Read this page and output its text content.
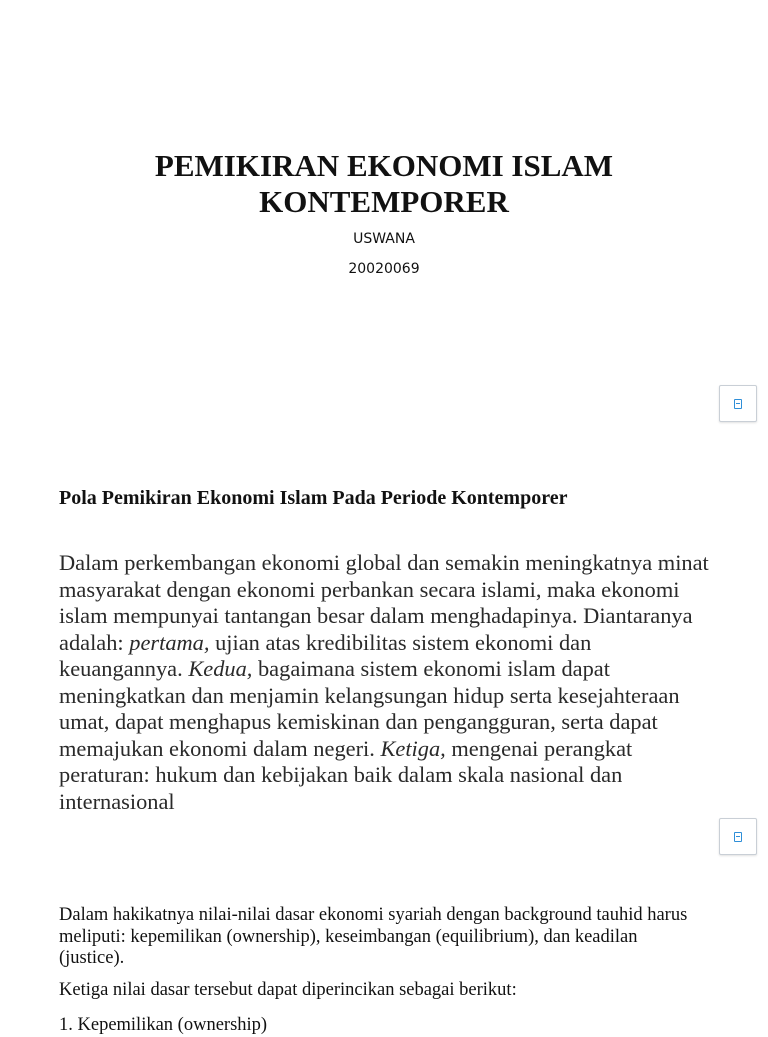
PEMIKIRAN EKONOMI ISLAM
KONTEMPORER
USWANA
20020069
Pola Pemikiran Ekonomi Islam Pada Periode Kontemporer
Dalam perkembangan ekonomi global dan semakin meningkatnya minat masyarakat dengan ekonomi perbankan secara islami, maka ekonomi islam mempunyai tantangan besar dalam menghadapinya. Diantaranya adalah: pertama, ujian atas kredibilitas sistem ekonomi dan keuangannya. Kedua, bagaimana sistem ekonomi islam dapat meningkatkan dan menjamin kelangsungan hidup serta kesejahteraan umat, dapat menghapus kemiskinan dan pengangguran, serta dapat memajukan ekonomi dalam negeri. Ketiga, mengenai perangkat peraturan: hukum dan kebijakan baik dalam skala nasional dan internasional
Dalam hakikatnya nilai-nilai dasar ekonomi syariah dengan background tauhid harus meliputi: kepemilikan (ownership), keseimbangan (equilibrium), dan keadilan (justice).
Ketiga nilai dasar tersebut dapat diperincikan sebagai berikut:
1. Kepemilikan (ownership)
